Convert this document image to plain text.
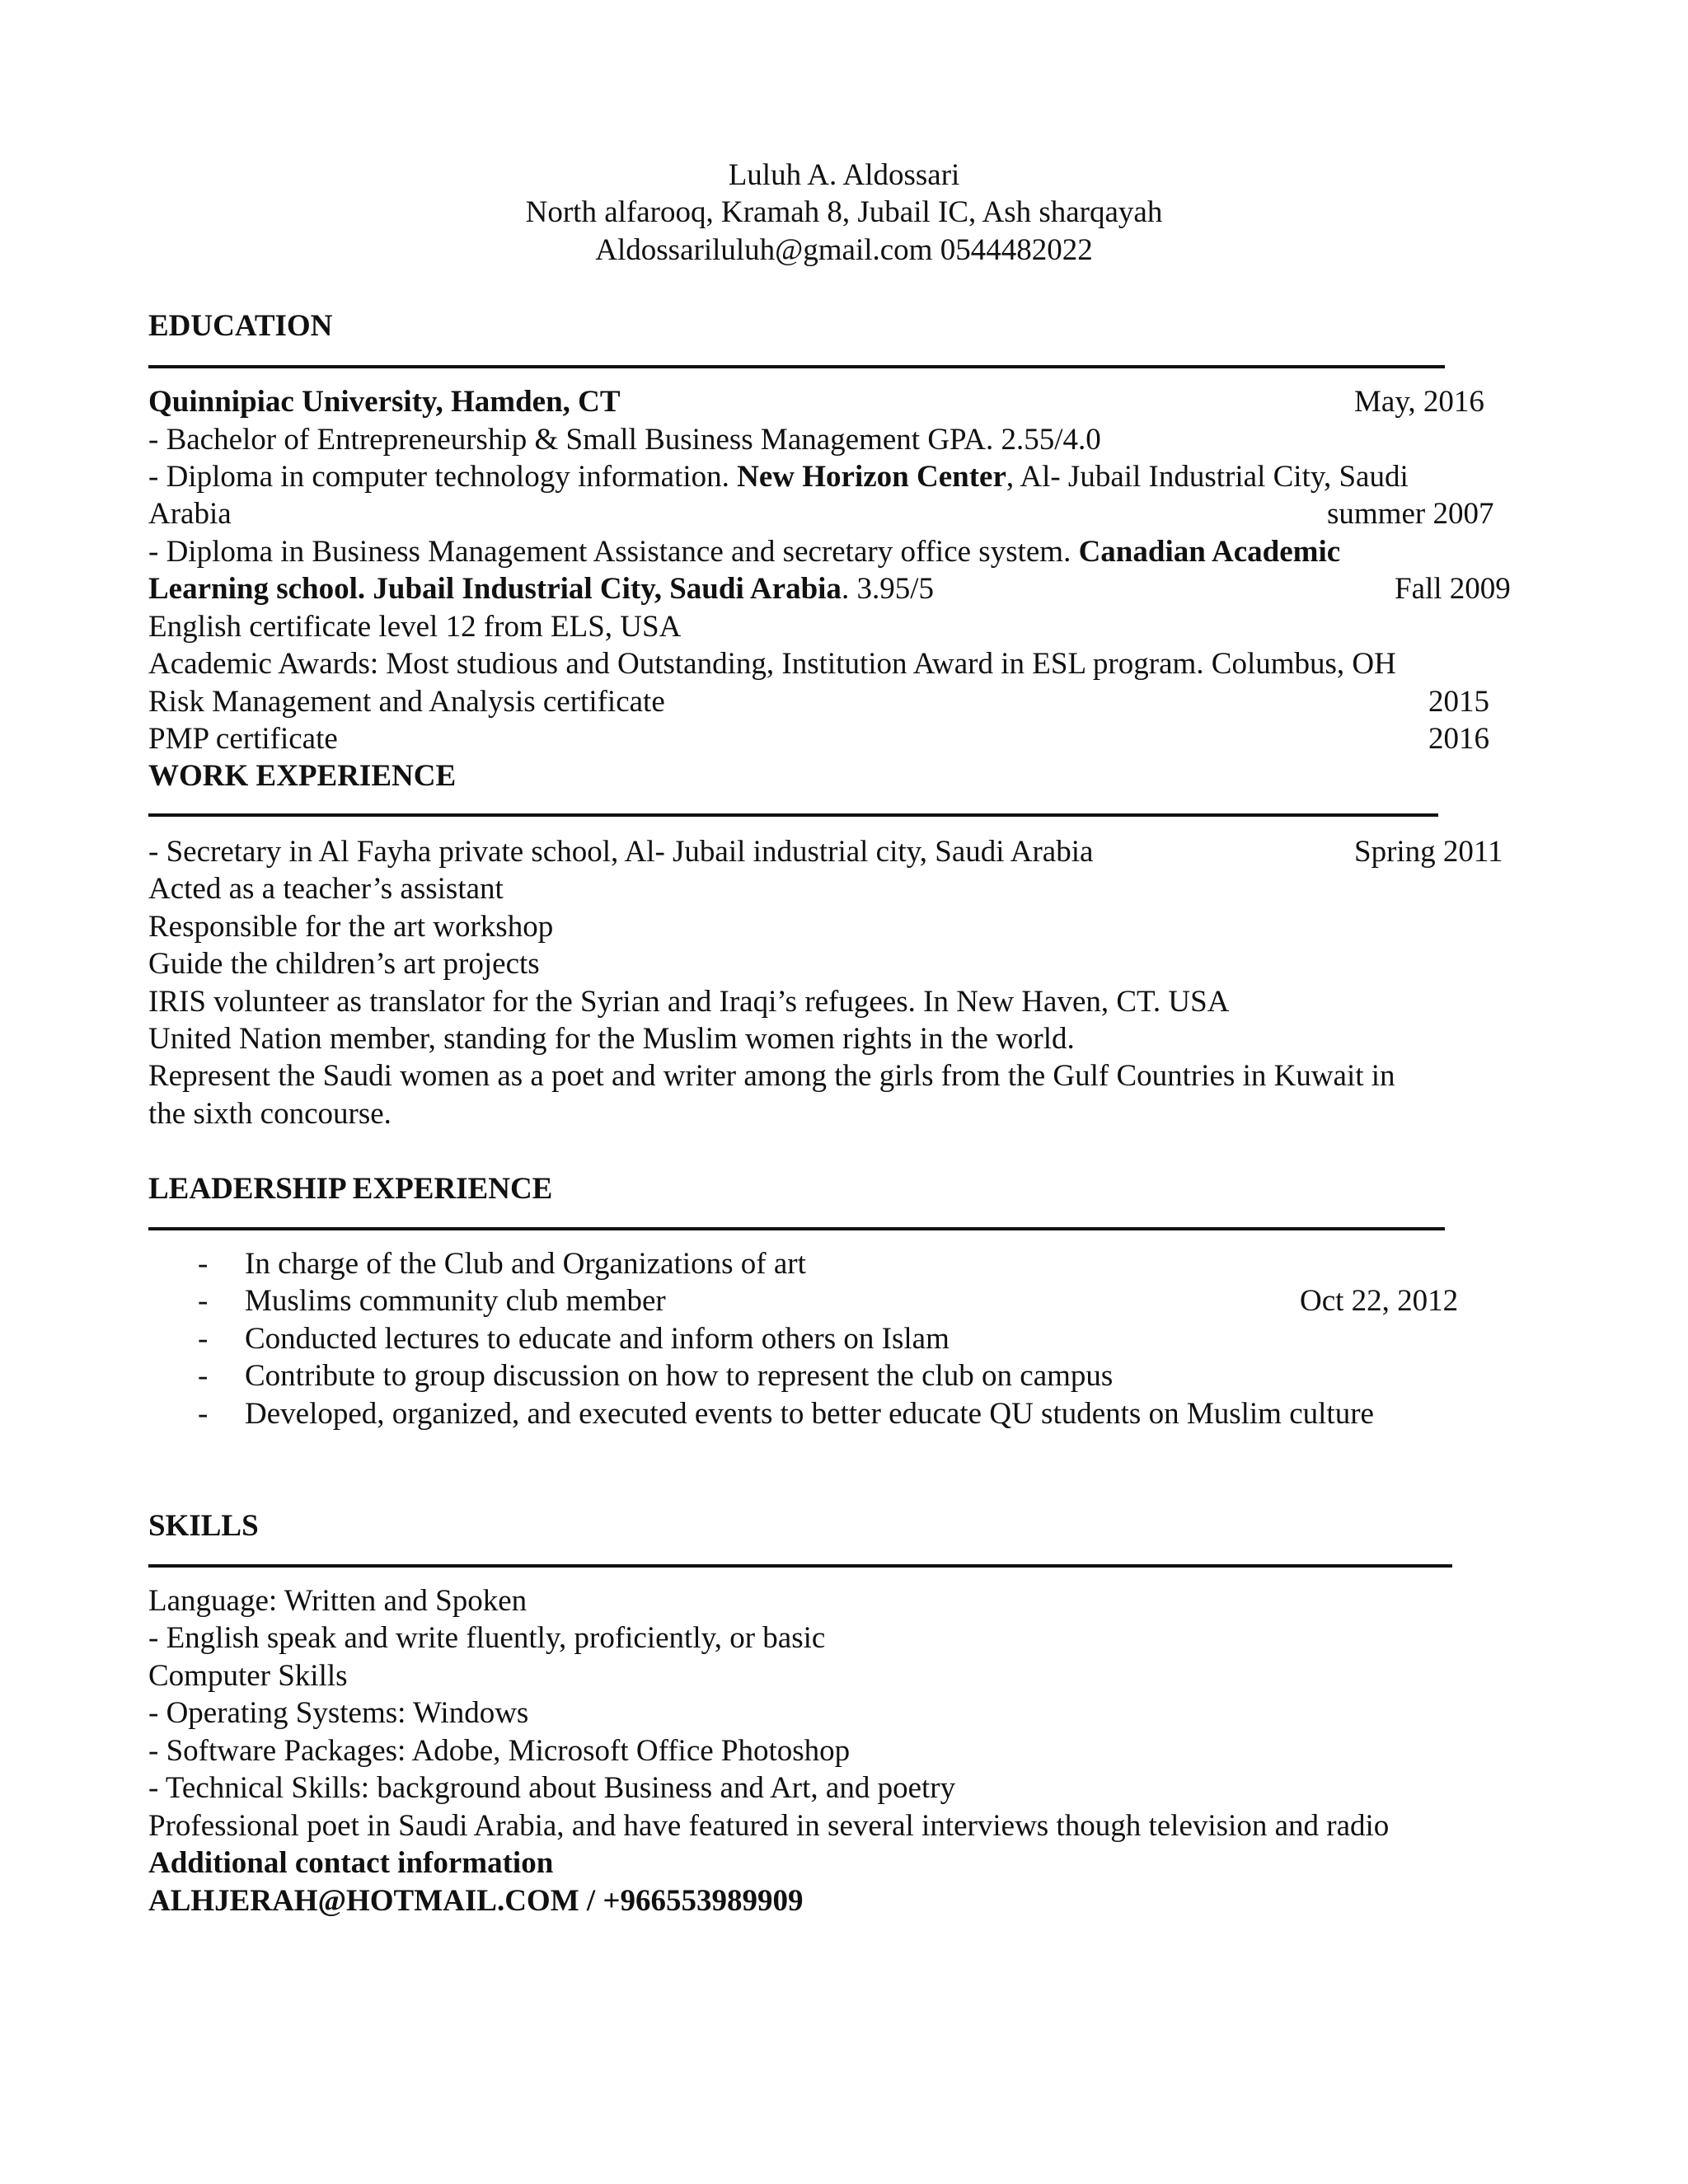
Luluh A. Aldossari
North alfarooq, Kramah 8, Jubail IC, Ash sharqayah
Aldossariluluh@gmail.com 0544482022
EDUCATION
Quinnipiac University, Hamden, CT	May, 2016
- Bachelor of Entrepreneurship & Small Business Management GPA. 2.55/4.0
- Diploma in computer technology information. New Horizon Center, Al- Jubail Industrial City, Saudi
Arabia	summer 2007
- Diploma in Business Management Assistance and secretary office system. Canadian Academic
Learning school. Jubail Industrial City, Saudi Arabia. 3.95/5	Fall 2009
English certificate level 12 from ELS, USA
Academic Awards: Most studious and Outstanding, Institution Award in ESL program. Columbus, OH
Risk Management and Analysis certificate	2015
PMP certificate	2016
WORK EXPERIENCE
- Secretary in Al Fayha private school, Al- Jubail industrial city, Saudi Arabia	Spring 2011
Acted as a teacher’s assistant
Responsible for the art workshop
Guide the children’s art projects
IRIS volunteer as translator for the Syrian and Iraqi’s refugees. In New Haven, CT. USA
United Nation member, standing for the Muslim women rights in the world.
Represent the Saudi women as a poet and writer among the girls from the Gulf Countries in Kuwait in
the sixth concourse.
LEADERSHIP EXPERIENCE
- In charge of the Club and Organizations of art
- Muslims community club member	Oct 22, 2012
- Conducted lectures to educate and inform others on Islam
- Contribute to group discussion on how to represent the club on campus
- Developed, organized, and executed events to better educate QU students on Muslim culture
SKILLS
Language: Written and Spoken
- English speak and write fluently, proficiently, or basic
Computer Skills
- Operating Systems: Windows
- Software Packages: Adobe, Microsoft Office Photoshop
- Technical Skills: background about Business and Art, and poetry
Professional poet in Saudi Arabia, and have featured in several interviews though television and radio
Additional contact information
ALHJERAH@HOTMAIL.COM / +966553989909
